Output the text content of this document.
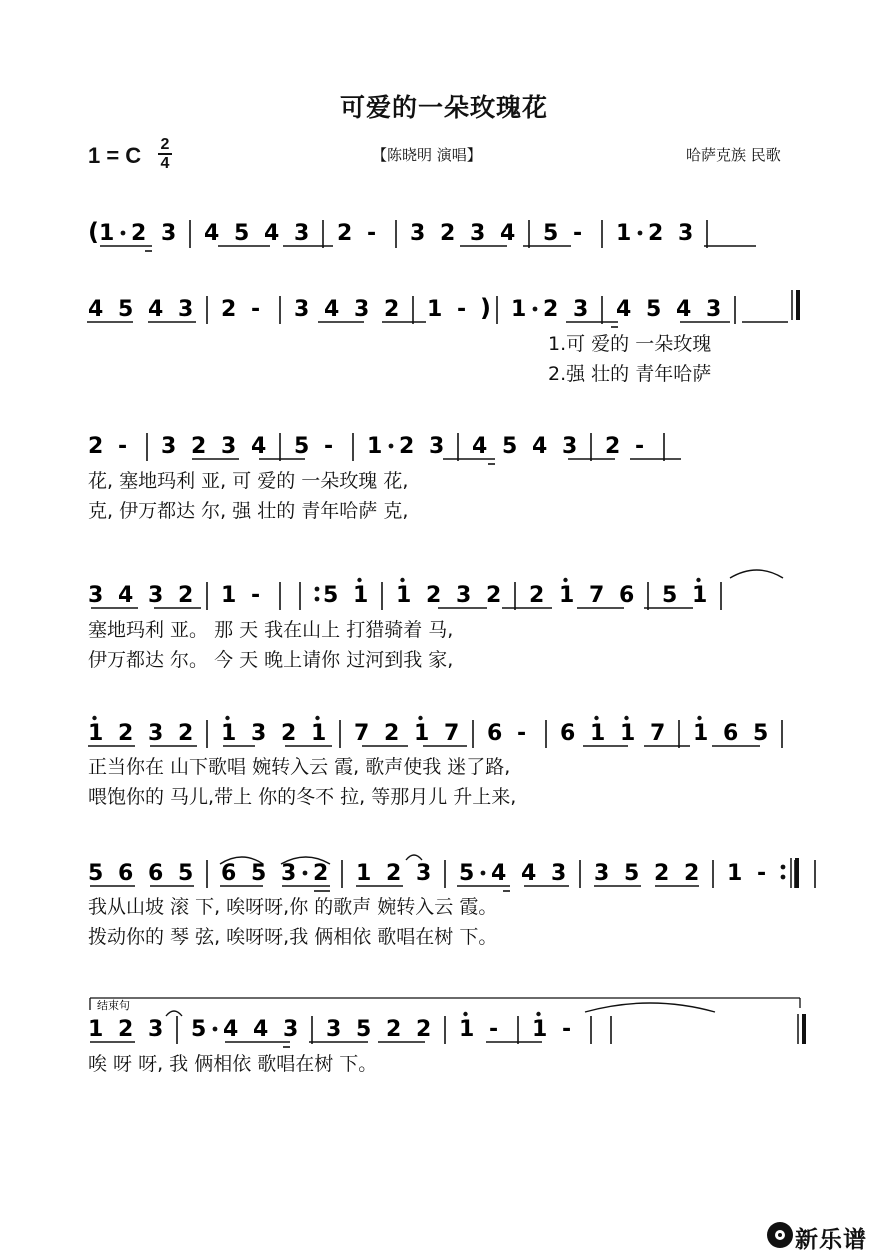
可爱的一朵玫瑰花
1 = C 2
4	【陈晓明 演唱】	哈萨克族 民歌
( 1 2 3 4 5 4 3 2 - 3 2 3 4 5 - 1 2 3
4 5 4 3 2 - 3 4 3 2 1 - ) 1 2 3 4 5 4 3
2 - 3 2 3 4 5 - 1 2 3 4 5 4 3 2 -
3 4 3 2 1 -	5 1 1 2 3 2 2 1 7 6 5 1
1 2 3 2 1 3 2 1 7 2 1 7 6 - 6 1 1 7 1 6 5
5 6 6 5 6 5 3 2 1 2 3 5 4 4 3 3 5 2 2 1 -
1 2 3 5 4 4 3 3 5 2 2 1 - 1 -
1.可 爱的 一朵玫瑰
2.强 壮的 青年哈萨
花, 塞地玛利 亚, 可 爱的 一朵玫瑰 花,
克, 伊万都达 尔, 强 壮的 青年哈萨 克,
塞地玛利 亚。 那 天 我在山上 打猎骑着 马,
伊万都达 尔。 今 天 晚上请你 过河到我 家,
正当你在 山下歌唱 婉转入云 霞, 歌声使我 迷了路,
喂饱你的 马儿,带上 你的冬不 拉, 等那月儿 升上来,
我从山坡 滚 下, 唉呀呀,你 的歌声 婉转入云 霞。
拨动你的 琴 弦, 唉呀呀,我 俩相依 歌唱在树 下。
唉 呀 呀, 我 俩相依 歌唱在树 下。
结束句
新乐谱
